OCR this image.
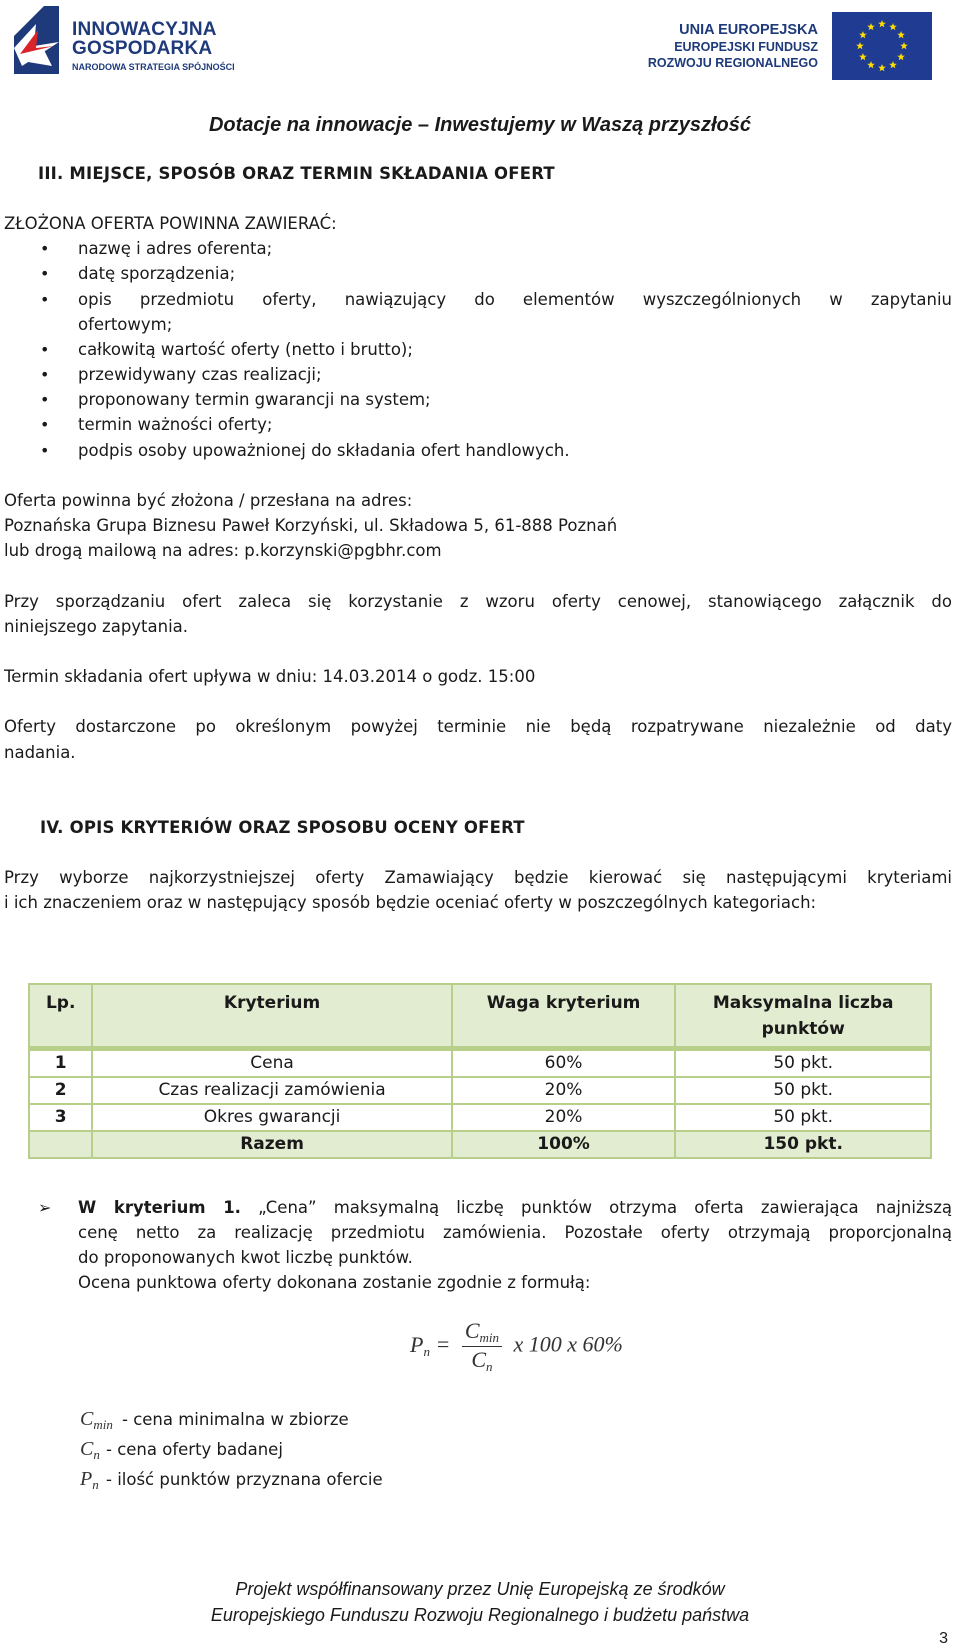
INNOWACYJNA
GOSPODARKA
NARODOWA STRATEGIA SPÓJNOŚCI
UNIA EUROPEJSKA
EUROPEJSKI FUNDUSZ
ROZWOJU REGIONALNEGO
Dotacje na innowacje – Inwestujemy w Waszą przyszłość
III. MIEJSCE, SPOSÓB ORAZ TERMIN SKŁADANIA OFERT
ZŁOŻONA OFERTA POWINNA ZAWIERAĆ:
• nazwę i adres oferenta;
• datę sporządzenia;
• opis przedmiotu oferty, nawiązujący do elementów wyszczególnionych w zapytaniu
ofertowym;
• całkowitą wartość oferty (netto i brutto);
• przewidywany czas realizacji;
• proponowany termin gwarancji na system;
• termin ważności oferty;
• podpis osoby upoważnionej do składania ofert handlowych.
Oferta powinna być złożona / przesłana na adres:
Poznańska Grupa Biznesu Paweł Korzyński, ul. Składowa 5, 61-888 Poznań
lub drogą mailową na adres: p.korzynski@pgbhr.com
Przy sporządzaniu ofert zaleca się korzystanie z wzoru oferty cenowej, stanowiącego załącznik do
niniejszego zapytania.
Termin składania ofert upływa w dniu: 14.03.2014 o godz. 15:00
Oferty dostarczone po określonym powyżej terminie nie będą rozpatrywane niezależnie od daty
nadania.
IV. OPIS KRYTERIÓW ORAZ SPOSOBU OCENY OFERT
Przy wyborze najkorzystniejszej oferty Zamawiający będzie kierować się następującymi kryteriami
i ich znaczeniem oraz w następujący sposób będzie oceniać oferty w poszczególnych kategoriach:
Lp.	Kryterium	Waga kryterium	Maksymalna liczba punktów
1	Cena	60%	50 pkt.
2	Czas realizacji zamówienia	20%	50 pkt.
3	Okres gwarancji	20%	50 pkt.
	Razem	100%	150 pkt.
➢ W kryterium 1. „Cena” maksymalną liczbę punktów otrzyma oferta zawierająca najniższą
cenę netto za realizację przedmiotu zamówienia. Pozostałe oferty otrzymają proporcjonalną
do proponowanych kwot liczbę punktów.
Ocena punktowa oferty dokonana zostanie zgodnie z formułą:
$P_n = \frac{C_{min}}{C_n}$ x 100 x 60%
$C_{min}$ - cena minimalna w zbiorze
$C_n$ - cena oferty badanej
$P_n$ - ilość punktów przyznana ofercie
Projekt współfinansowany przez Unię Europejską ze środków
Europejskiego Funduszu Rozwoju Regionalnego i budżetu państwa
3
